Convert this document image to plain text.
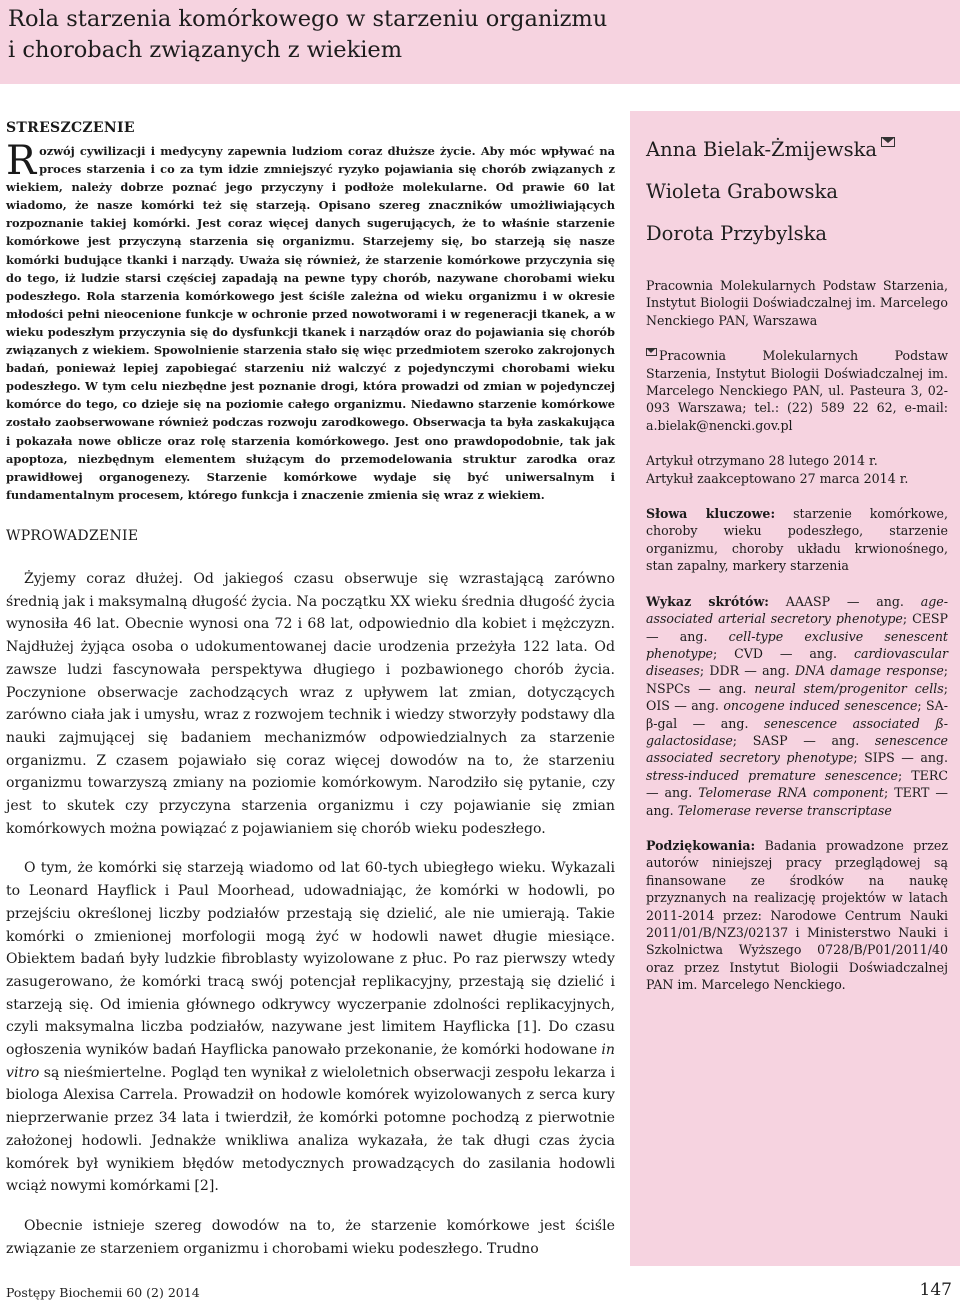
Rola starzenia komórkowego w starzeniu organizmu
i chorobach związanych z wiekiem
STRESZCZENIE
R ozwój cywilizacji i medycyny zapewnia ludziom coraz dłuższe życie. Aby móc wpływać na proces starzenia i co za tym idzie zmniejszyć ryzyko pojawiania się chorób związanych z wiekiem, należy dobrze poznać jego przyczyny i podłoże molekularne. Od prawie 60 lat wiadomo, że nasze komórki też się starzeją. Opisano szereg znaczników umożliwiających rozpoznanie takiej komórki. Jest coraz więcej danych sugerujących, że to właśnie starzenie komórkowe jest przyczyną starzenia się organizmu. Starzejemy się, bo starzeją się nasze komórki budujące tkanki i narządy. Uważa się również, że starzenie komórkowe przyczynia się do tego, iż ludzie starsi częściej zapadają na pewne typy chorób, nazywane chorobami wieku podeszłego. Rola starzenia komórkowego jest ściśle zależna od wieku organizmu i w okresie młodości pełni nieocenione funkcje w ochronie przed nowotworami i w regeneracji tkanek, a w wieku podeszłym przyczynia się do dysfunkcji tkanek i narządów oraz do pojawiania się chorób związanych z wiekiem. Spowolnienie starzenia stało się więc przedmiotem szeroko zakrojonych badań, ponieważ lepiej zapobiegać starzeniu niż walczyć z pojedynczymi chorobami wieku podeszłego. W tym celu niezbędne jest poznanie drogi, która prowadzi od zmian w pojedynczej komórce do tego, co dzieje się na poziomie całego organizmu. Niedawno starzenie komórkowe zostało zaobserwowane również podczas rozwoju zarodkowego. Obserwacja ta była zaskakująca i pokazała nowe oblicze oraz rolę starzenia komórkowego. Jest ono prawdopodobnie, tak jak apoptoza, niezbędnym elementem służącym do przemodelowania struktur zarodka oraz prawidłowej organogenezy. Starzenie komórkowe wydaje się być uniwersalnym i fundamentalnym procesem, którego funkcja i znaczenie zmienia się wraz z wiekiem.
WPROWADZENIE

Żyjemy coraz dłużej. Od jakiegoś czasu obserwuje się wzrastającą zarówno średnią jak i maksymalną długość życia. Na początku XX wieku średnia długość życia wynosiła 46 lat. Obecnie wynosi ona 72 i 68 lat, odpowiednio dla kobiet i mężczyzn. Najdłużej żyjąca osoba o udokumentowanej dacie urodzenia przeżyła 122 lata. Od zawsze ludzi fascynowała perspektywa długiego i pozbawionego chorób życia. Poczynione obserwacje zachodzących wraz z upływem lat zmian, dotyczących zarówno ciała jak i umysłu, wraz z rozwojem technik i wiedzy stworzyły podstawy dla nauki zajmującej się badaniem mechanizmów odpowiedzialnych za starzenie organizmu. Z czasem pojawiało się coraz więcej dowodów na to, że starzeniu organizmu towarzyszą zmiany na poziomie komórkowym. Narodziło się pytanie, czy jest to skutek czy przyczyna starzenia organizmu i czy pojawianie się zmian komórkowych można powiązać z pojawianiem się chorób wieku podeszłego.

O tym, że komórki się starzeją wiadomo od lat 60-tych ubiegłego wieku. Wykazali to Leonard Hayflick i Paul Moorhead, udowadniając, że komórki w hodowli, po przejściu określonej liczby podziałów przestają się dzielić, ale nie umierają. Takie komórki o zmienionej morfologii mogą żyć w hodowli nawet długie miesiące. Obiektem badań były ludzkie fibroblasty wyizolowane z płuc. Po raz pierwszy wtedy zasugerowano, że komórki tracą swój potencjał replikacyjny, przestają się dzielić i starzeją się. Od imienia głównego odkrywcy wyczerpanie zdolności replikacyjnych, czyli maksymalna liczba podziałów, nazywane jest limitem Hayflicka [1]. Do czasu ogłoszenia wyników badań Hayflicka panowało przekonanie, że komórki hodowane in vitro są nieśmiertelne. Pogląd ten wynikał z wieloletnich obserwacji zespołu lekarza i biologa Alexisa Carrela. Prowadził on hodowle komórek wyizolowanych z serca kury nieprzerwanie przez 34 lata i twierdził, że komórki potomne pochodzą z pierwotnie założonej hodowli. Jednakże wnikliwa analiza wykazała, że tak długi czas życia komórek był wynikiem błędów metodycznych prowadzących do zasilania hodowli wciąż nowymi komórkami [2].

Obecnie istnieje szereg dowodów na to, że starzenie komórkowe jest ściśle związanie ze starzeniem organizmu i chorobami wieku podeszłego. Trudno

Anna Bielak-Żmijewska
Wioleta Grabowska
Dorota Przybylska
Pracownia Molekularnych Podstaw Starzenia, Instytut Biologii Doświadczalnej im. Marcelego Nenckiego PAN, Warszawa
Pracownia Molekularnych Podstaw Starzenia, Instytut Biologii Doświadczalnej im. Marcelego Nenckiego PAN, ul. Pasteura 3, 02-093 Warszawa; tel.: (22) 589 22 62, e-mail: a.bielak@nencki.gov.pl
Artykuł otrzymano 28 lutego 2014 r.
Artykuł zaakceptowano 27 marca 2014 r.
Słowa kluczowe: starzenie komórkowe, choroby wieku podeszłego, starzenie organizmu, choroby układu krwionośnego, stan zapalny, markery starzenia
Wykaz skrótów: AAASP — ang. age-associated arterial secretory phenotype; CESP — ang. cell-type exclusive senescent phenotype; CVD — ang. cardiovascular diseases; DDR — ang. DNA damage response; NSPCs — ang. neural stem/progenitor cells; OIS — ang. oncogene induced senescence; SA-β-gal — ang. senescence associated ß-galactosidase; SASP — ang. senescence associated secretory phenotype; SIPS — ang. stress-induced premature senescence; TERC — ang. Telomerase RNA component; TERT — ang. Telomerase reverse transcriptase
Podziękowania: Badania prowadzone przez autorów niniejszej pracy przeglądowej są finansowane ze środków na naukę przyznanych na realizację projektów w latach 2011-2014 przez: Narodowe Centrum Nauki 2011/01/B/NZ3/02137 i Ministerstwo Nauki i Szkolnictwa Wyższego 0728/B/P01/2011/40 oraz przez Instytut Biologii Doświadczalnej PAN im. Marcelego Nenckiego.
Postępy Biochemii 60 (2) 2014	147
